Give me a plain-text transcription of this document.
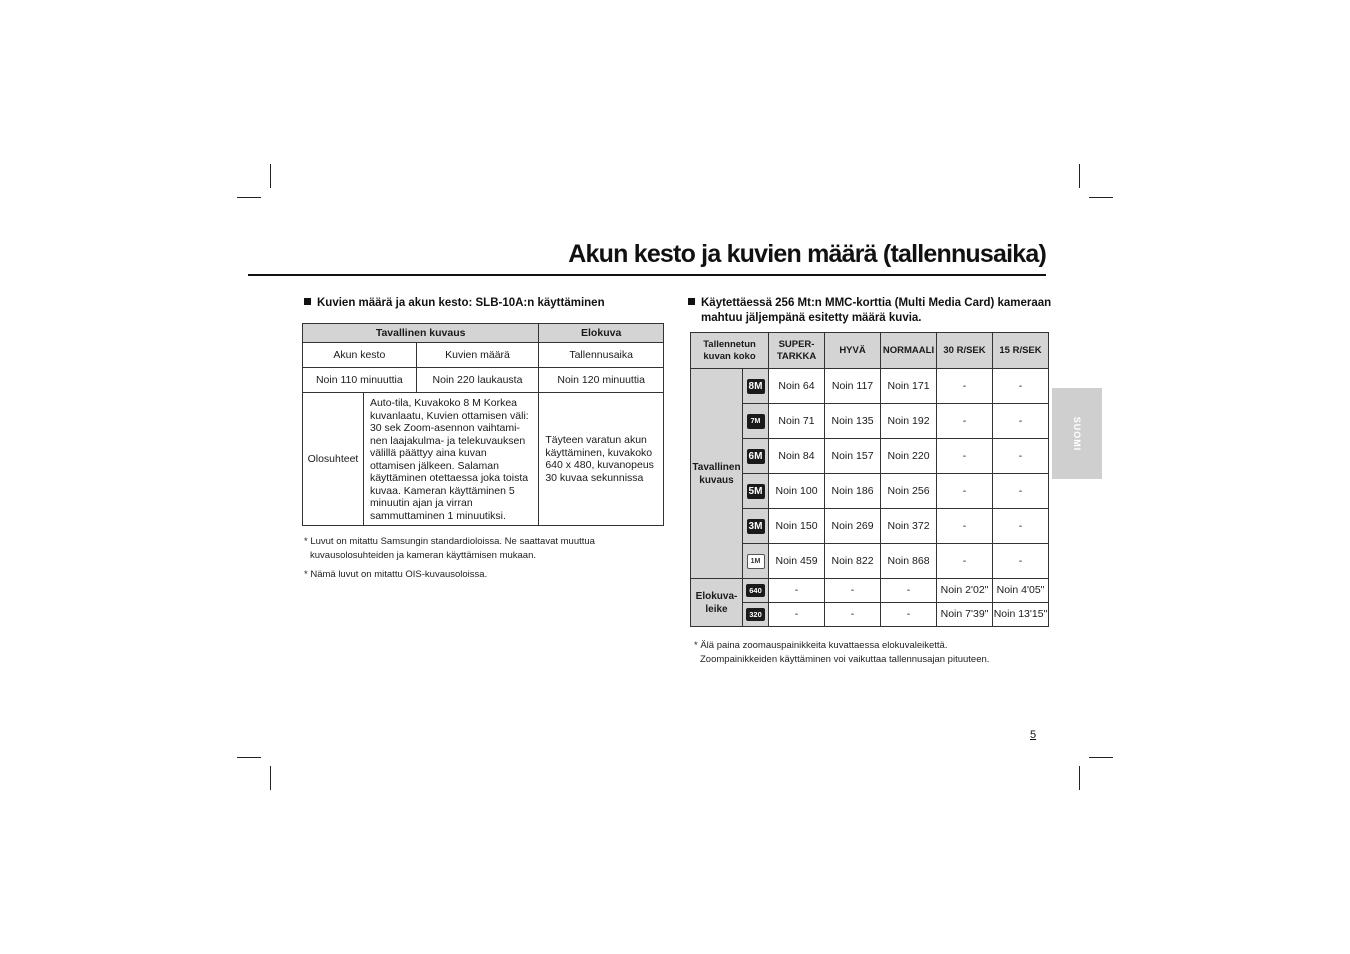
Akun kesto ja kuvien määrä (tallennusaika)
Kuvien määrä ja akun kesto: SLB-10A:n käyttäminen
Tavallinen kuvaus			Elokuva
Akun kesto		Kuvien määrä	Tallennusaika
Noin 110 minuuttia		Noin 220 laukausta	Noin 120 minuuttia
Olosuhteet	Auto-tila, Kuvakoko 8 M Korkea kuvanlaatu, Kuvien ottamisen väli: 30 sek Zoom-asennon vaihtami-nen laajakulma- ja telekuvauksen välillä päättyy aina kuvan ottamisen jälkeen. Salaman käyttäminen otettaessa joka toista kuvaa. Kameran käyttäminen 5 minuutin ajan ja virran sammuttaminen 1 minuutiksi.		Täyteen varatun akun käyttäminen, kuvakoko 640 x 480, kuvanopeus 30 kuvaa sekunnissa
* Luvut on mitattu Samsungin standardioloissa. Ne saattavat muuttua kuvausolosuhteiden ja kameran käyttämisen mukaan.
* Nämä luvut on mitattu OIS-kuvausoloissa.
Käytettäessä 256 Mt:n MMC-korttia (Multi Media Card) kameraan mahtuu jäljempänä esitetty määrä kuvia.
Tallennetun kuvan koko		SUPER-TARKKA	HYVÄ	NORMAALI	30 R/SEK	15 R/SEK
Tavallinen kuvaus	8M	Noin 64	Noin 117	Noin 171	-	-
	7M	Noin 71	Noin 135	Noin 192	-	-
	6M	Noin 84	Noin 157	Noin 220	-	-
	5M	Noin 100	Noin 186	Noin 256	-	-
	3M	Noin 150	Noin 269	Noin 372	-	-
	1M	Noin 459	Noin 822	Noin 868	-	-
Elokuva-leike	640	-	-	-	Noin 2'02"	Noin 4'05"
	320	-	-	-	Noin 7'39"	Noin 13'15"
* Älä paina zoomauspainikkeita kuvattaessa elokuvaleikettä.
Zoompainikkeiden käyttäminen voi vaikuttaa tallennusajan pituuteen.
SUOMI
5
